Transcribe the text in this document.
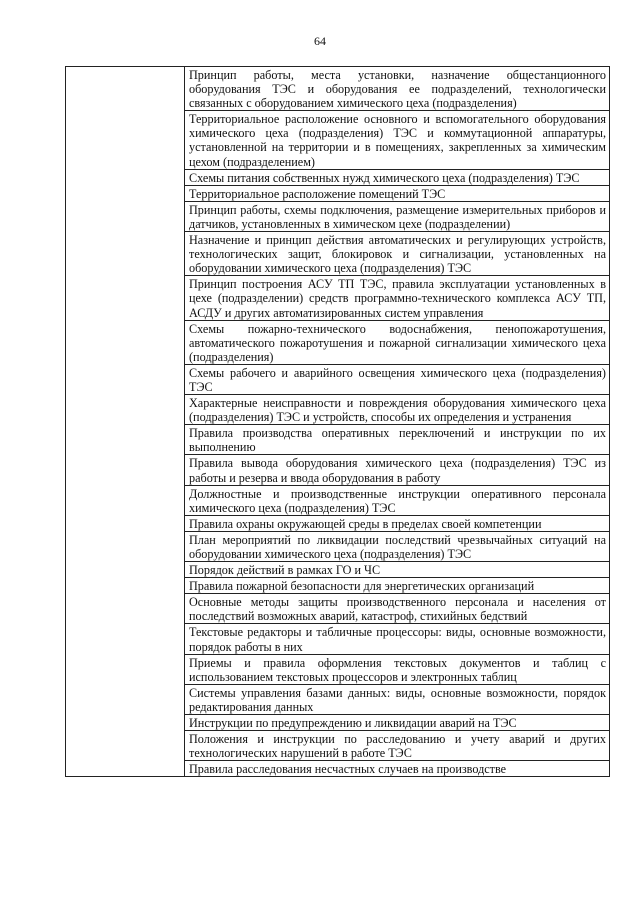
64

Принцип работы, места установки, назначение общестанционного оборудования ТЭС и оборудования ее подразделений, технологически связанных с оборудованием химического цеха (подразделения)

Территориальное расположение основного и вспомогательного оборудования химического цеха (подразделения) ТЭС и коммутационной аппаратуры, установленной на территории и в помещениях, закрепленных за химическим цехом (подразделением)

Схемы питания собственных нужд химического цеха (подразделения) ТЭС

Территориальное расположение помещений ТЭС

Принцип работы, схемы подключения, размещение измерительных приборов и датчиков, установленных в химическом цехе (подразделении)

Назначение и принцип действия автоматических и регулирующих устройств, технологических защит, блокировок и сигнализации, установленных на оборудовании химического цеха (подразделения) ТЭС

Принцип построения АСУ ТП ТЭС, правила эксплуатации установленных в цехе (подразделении) средств программно-технического комплекса АСУ ТП, АСДУ и других автоматизированных систем управления

Схемы пожарно-технического водоснабжения, пенопожаротушения, автоматического пожаротушения и пожарной сигнализации химического цеха (подразделения)

Схемы рабочего и аварийного освещения химического цеха (подразделения) ТЭС

Характерные неисправности и повреждения оборудования химического цеха (подразделения) ТЭС и устройств, способы их определения и устранения

Правила производства оперативных переключений и инструкции по их выполнению

Правила вывода оборудования химического цеха (подразделения) ТЭС из работы и резерва и ввода оборудования в работу

Должностные и производственные инструкции оперативного персонала химического цеха (подразделения) ТЭС

Правила охраны окружающей среды в пределах своей компетенции

План мероприятий по ликвидации последствий чрезвычайных ситуаций на оборудовании химического цеха (подразделения) ТЭС

Порядок действий в рамках ГО и ЧС

Правила пожарной безопасности для энергетических организаций

Основные методы защиты производственного персонала и населения от последствий возможных аварий, катастроф, стихийных бедствий

Текстовые редакторы и табличные процессоры: виды, основные возможности, порядок работы в них

Приемы и правила оформления текстовых документов и таблиц с использованием текстовых процессоров и электронных таблиц

Системы управления базами данных: виды, основные возможности, порядок редактирования данных

Инструкции по предупреждению и ликвидации аварий на ТЭС

Положения и инструкции по расследованию и учету аварий и других технологических нарушений в работе ТЭС

Правила расследования несчастных случаев на производстве
